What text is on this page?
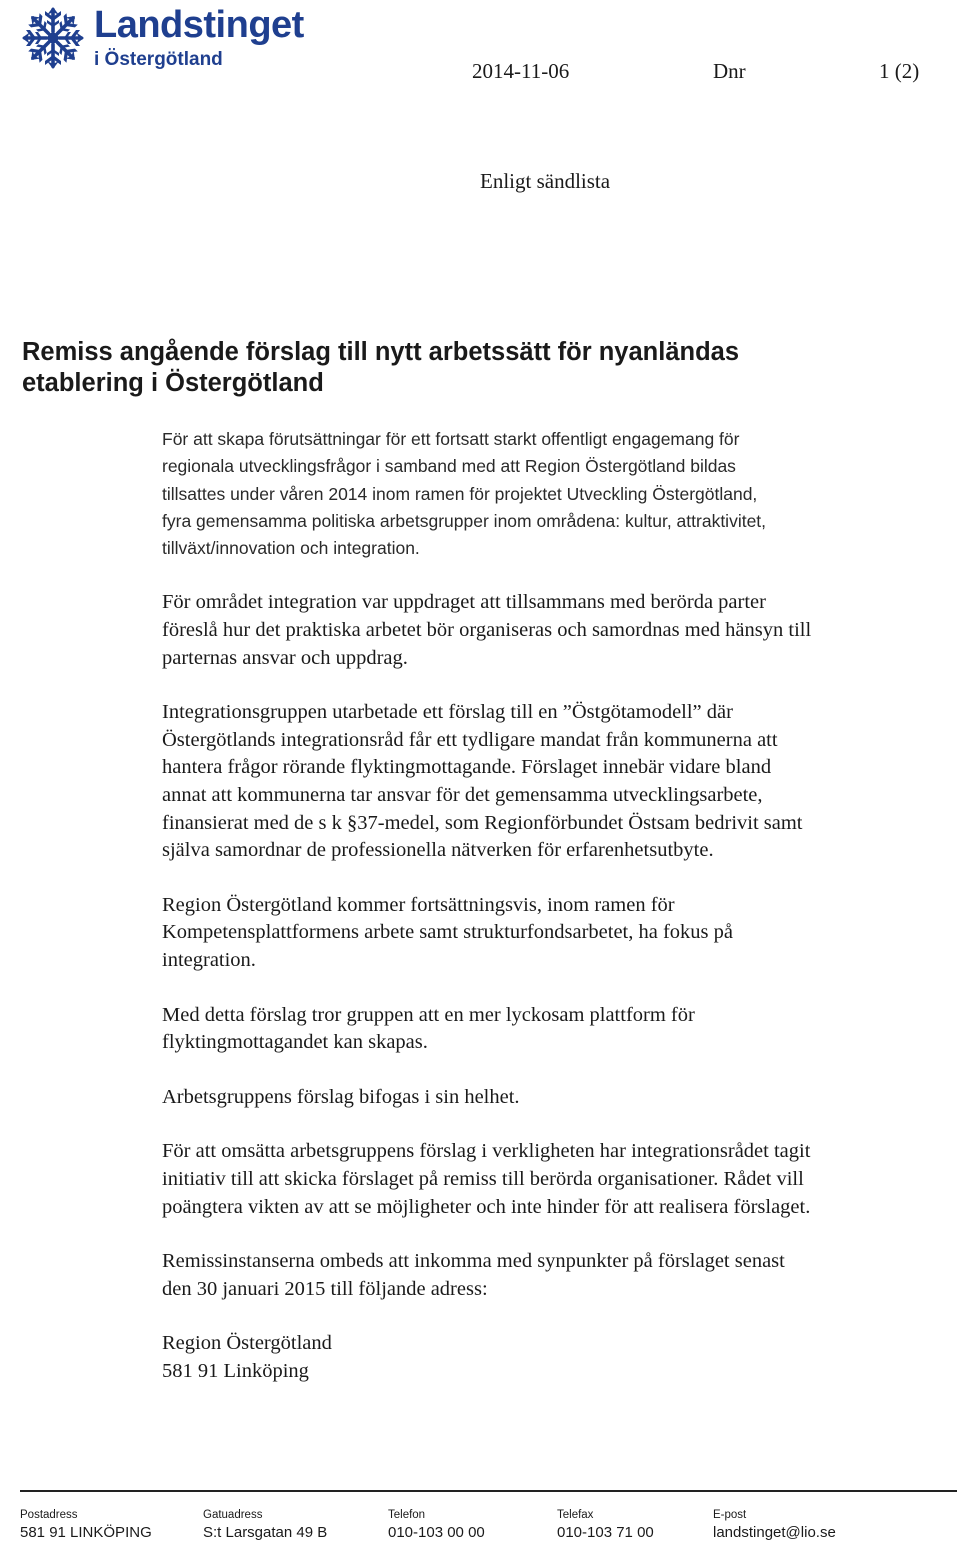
Landstinget
i Östergötland	2014-11-06	Dnr	1 (2)
Enligt sändlista
Remiss angående förslag till nytt arbetssätt för nyanländas
etablering i Östergötland

För att skapa förutsättningar för ett fortsatt starkt offentligt engagemang för
regionala utvecklingsfrågor i samband med att Region Östergötland bildas
tillsattes under våren 2014 inom ramen för projektet Utveckling Östergötland,
fyra gemensamma politiska arbetsgrupper inom områdena: kultur, attraktivitet,
tillväxt/innovation och integration.

För området integration var uppdraget att tillsammans med berörda parter
föreslå hur det praktiska arbetet bör organiseras och samordnas med hänsyn till
parternas ansvar och uppdrag.

Integrationsgruppen utarbetade ett förslag till en ”Östgötamodell” där
Östergötlands integrationsråd får ett tydligare mandat från kommunerna att
hantera frågor rörande flyktingmottagande. Förslaget innebär vidare bland
annat att kommunerna tar ansvar för det gemensamma utvecklingsarbete,
finansierat med de s k §37-medel, som Regionförbundet Östsam bedrivit samt
själva samordnar de professionella nätverken för erfarenhetsutbyte.

Region Östergötland kommer fortsättningsvis, inom ramen för
Kompetensplattformens arbete samt strukturfondsarbetet, ha fokus på
integration.

Med detta förslag tror gruppen att en mer lyckosam plattform för
flyktingmottagandet kan skapas.

Arbetsgruppens förslag bifogas i sin helhet.

För att omsätta arbetsgruppens förslag i verkligheten har integrationsrådet tagit
initiativ till att skicka förslaget på remiss till berörda organisationer. Rådet vill
poängtera vikten av att se möjligheter och inte hinder för att realisera förslaget.

Remissinstanserna ombeds att inkomma med synpunkter på förslaget senast
den 30 januari 2015 till följande adress:

Region Östergötland
581 91 Linköping

Postadress
581 91 LINKÖPING
Gatuadress
S:t Larsgatan 49 B
Telefon
010-103 00 00
Telefax
010-103 71 00
E-post
landstinget@lio.se
